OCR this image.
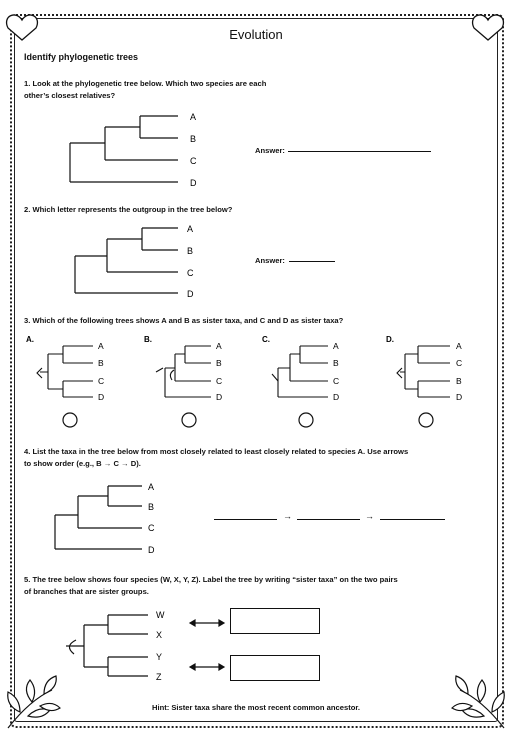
Evolution
Identify phylogenetic trees
1. Look at the phylogenetic tree below. Which two species are each other’s closest relatives?
A
B
C
D
Answer:
2. Which letter represents the outgroup in the tree below?
A
B
C
D
Answer:
3. Which of the following trees shows A and B as sister taxa, and C and D as sister taxa?
A.
A
B
C
D
B.
A
B
C
D
C.
A
B
C
D
D.
A
C
B
D
4. List the taxa in the tree below from most closely related to least closely related to species A. Use arrows to show order (e.g., B → C → D).
A
B
C
D
→	→
5. The tree below shows four species (W, X, Y, Z). Label the tree by writing “sister taxa” on the two pairs of branches that are sister groups.
W
X
Y
Z
Hint: Sister taxa share the most recent common ancestor.
